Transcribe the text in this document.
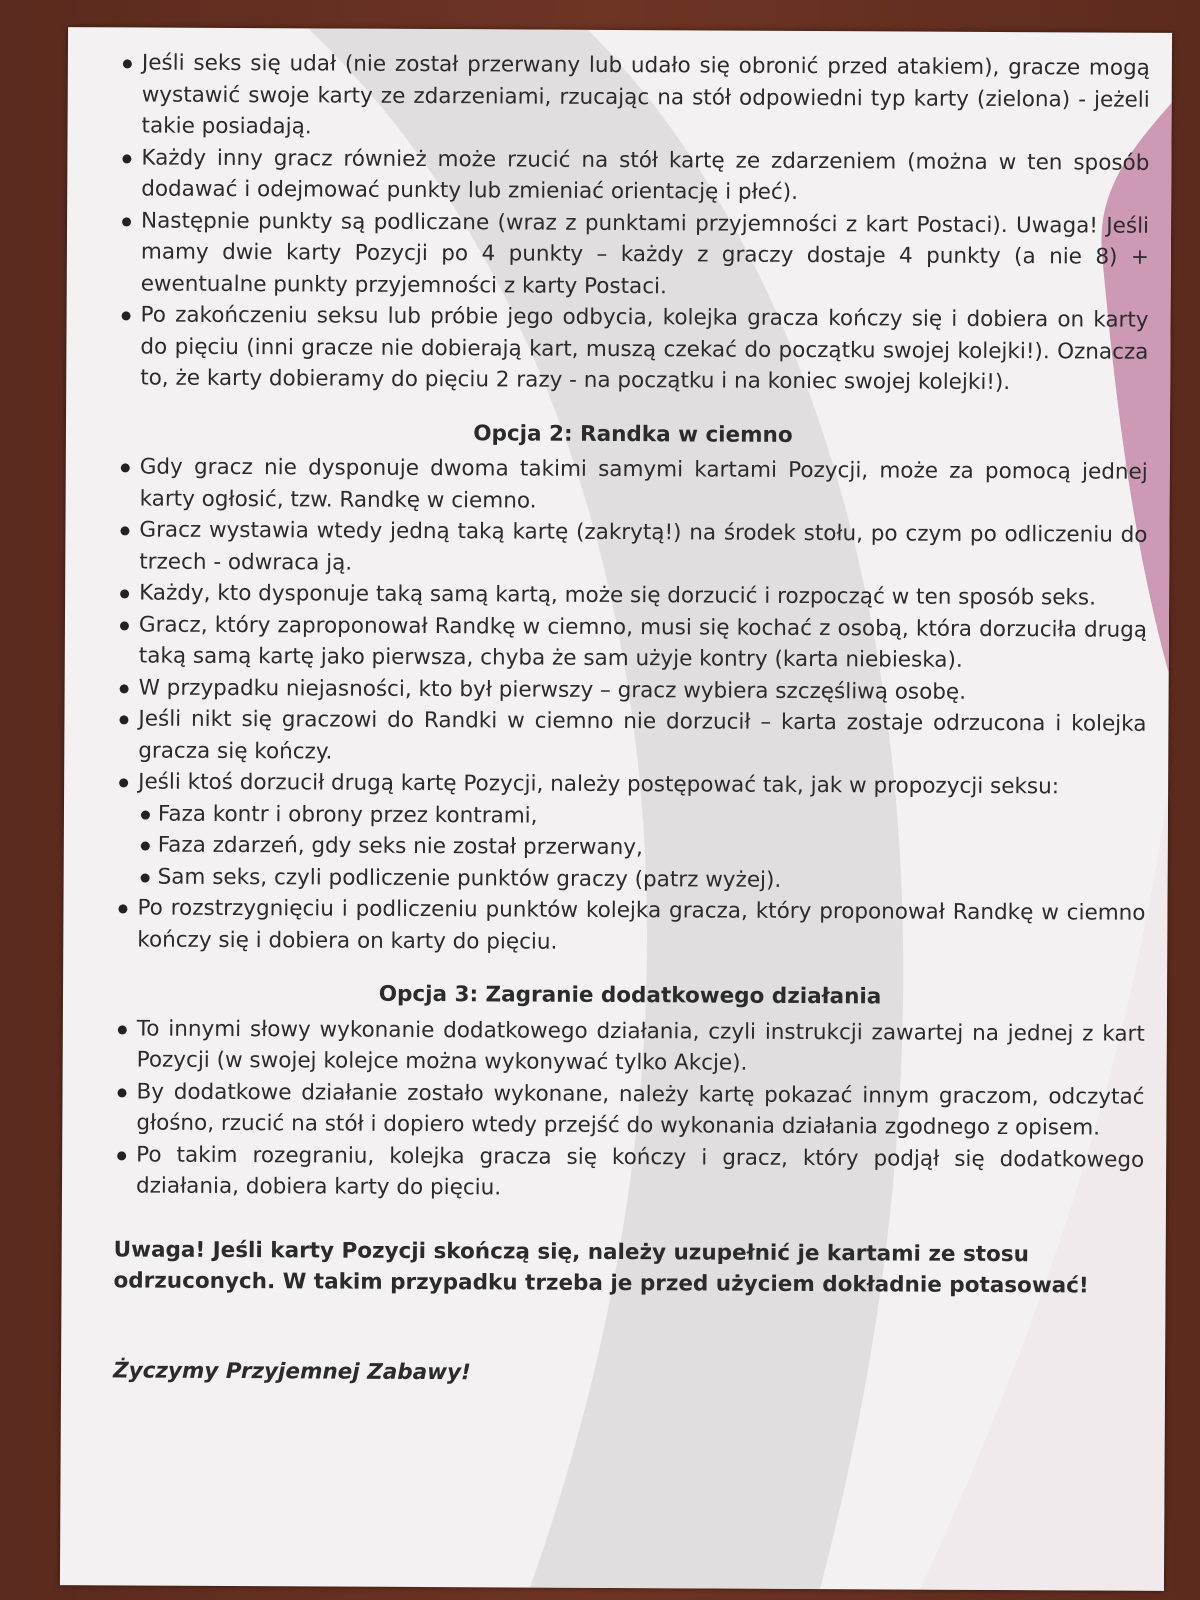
Jeśli seks się udał (nie został przerwany lub udało się obronić przed atakiem), gracze mogą wystawić swoje karty ze zdarzeniami, rzucając na stół odpowiedni typ karty (zielona) - jeżeli takie posiadają.
Każdy inny gracz również może rzucić na stół kartę ze zdarzeniem (można w ten sposób dodawać i odejmować punkty lub zmieniać orientację i płeć).
Następnie punkty są podliczane (wraz z punktami przyjemności z kart Postaci). Uwaga! Jeśli mamy dwie karty Pozycji po 4 punkty – każdy z graczy dostaje 4 punkty (a nie 8) + ewentualne punkty przyjemności z karty Postaci.
Po zakończeniu seksu lub próbie jego odbycia, kolejka gracza kończy się i dobiera on karty do pięciu (inni gracze nie dobierają kart, muszą czekać do początku swojej kolejki!). Oznacza to, że karty dobieramy do pięciu 2 razy - na początku i na koniec swojej kolejki!).
Opcja 2: Randka w ciemno
Gdy gracz nie dysponuje dwoma takimi samymi kartami Pozycji, może za pomocą jednej karty ogłosić, tzw. Randkę w ciemno.
Gracz wystawia wtedy jedną taką kartę (zakrytą!) na środek stołu, po czym po odliczeniu do trzech - odwraca ją.
Każdy, kto dysponuje taką samą kartą, może się dorzucić i rozpocząć w ten sposób seks.
Gracz, który zaproponował Randkę w ciemno, musi się kochać z osobą, która dorzuciła drugą taką samą kartę jako pierwsza, chyba że sam użyje kontry (karta niebieska).
W przypadku niejasności, kto był pierwszy – gracz wybiera szczęśliwą osobę.
Jeśli nikt się graczowi do Randki w ciemno nie dorzucił – karta zostaje odrzucona i kolejka gracza się kończy.
Jeśli ktoś dorzucił drugą kartę Pozycji, należy postępować tak, jak w propozycji seksu:
Faza kontr i obrony przez kontrami,
Faza zdarzeń, gdy seks nie został przerwany,
Sam seks, czyli podliczenie punktów graczy (patrz wyżej).
Po rozstrzygnięciu i podliczeniu punktów kolejka gracza, który proponował Randkę w ciemno kończy się i dobiera on karty do pięciu.
Opcja 3: Zagranie dodatkowego działania
To innymi słowy wykonanie dodatkowego działania, czyli instrukcji zawartej na jednej z kart Pozycji (w swojej kolejce można wykonywać tylko Akcje).
By dodatkowe działanie zostało wykonane, należy kartę pokazać innym graczom, odczytać głośno, rzucić na stół i dopiero wtedy przejść do wykonania działania zgodnego z opisem.
Po takim rozegraniu, kolejka gracza się kończy i gracz, który podjął się dodatkowego działania, dobiera karty do pięciu.
Uwaga! Jeśli karty Pozycji skończą się, należy uzupełnić je kartami ze stosu odrzuconych. W takim przypadku trzeba je przed użyciem dokładnie potasować!
Życzymy Przyjemnej Zabawy!
